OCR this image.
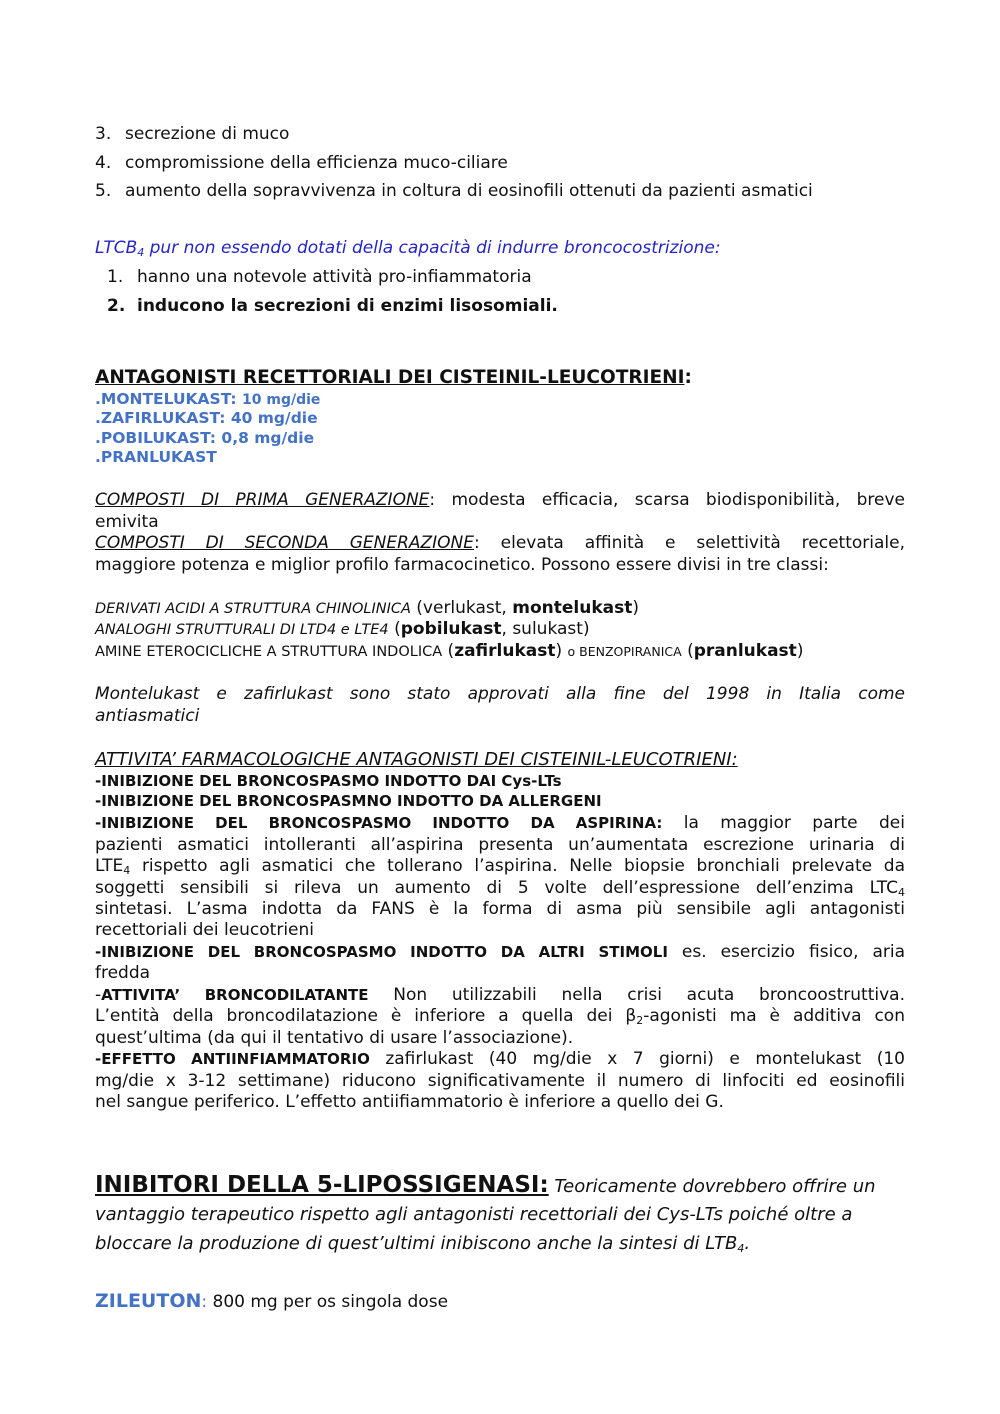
3. secrezione di muco
4. compromissione della efficienza muco-ciliare
5. aumento della sopravvivenza in coltura di eosinofili ottenuti da pazienti asmatici
$LTCB_4$ pur non essendo dotati della capacità di indurre broncocostrizione:
1. hanno una notevole attività pro-infiammatoria
2. inducono la secrezioni di enzimi lisosomiali.
ANTAGONISTI RECETTORIALI DEI CISTEINIL-LEUCOTRIENI:
.MONTELUKAST: 10 mg/die
.ZAFIRLUKAST: 40 mg/die
.POBILUKAST: 0,8 mg/die
.PRANLUKAST
COMPOSTI DI PRIMA GENERAZIONE: modesta efficacia, scarsa biodisponibilità, breve
emivita
COMPOSTI DI SECONDA GENERAZIONE: elevata affinità e selettività recettoriale,
maggiore potenza e miglior profilo farmacocinetico. Possono essere divisi in tre classi:
DERIVATI ACIDI A STRUTTURA CHINOLINICA (verlukast, montelukast)
ANALOGHI STRUTTURALI DI LTD4 e LTE4 (pobilukast, sulukast)
AMINE ETEROCICLICHE A STRUTTURA INDOLICA (zafirlukast) o BENZOPIRANICA (pranlukast)
Montelukast e zafirlukast sono stato approvati alla fine del 1998 in Italia come
antiasmatici
ATTIVITA’ FARMACOLOGICHE ANTAGONISTI DEI CISTEINIL-LEUCOTRIENI:
-INIBIZIONE DEL BRONCOSPASMO INDOTTO DAI Cys-LTs
-INIBIZIONE DEL BRONCOSPASMNO INDOTTO DA ALLERGENI
-INIBIZIONE DEL BRONCOSPASMO INDOTTO DA ASPIRINA: la maggior parte dei
pazienti asmatici intolleranti all’aspirina presenta un’aumentata escrezione urinaria di
$LTE_4$ rispetto agli asmatici che tollerano l’aspirina. Nelle biopsie bronchiali prelevate da
soggetti sensibili si rileva un aumento di 5 volte dell’espressione dell’enzima $LTC_4$
sintetasi. L’asma indotta da FANS è la forma di asma più sensibile agli antagonisti
recettoriali dei leucotrieni
-INIBIZIONE DEL BRONCOSPASMO INDOTTO DA ALTRI STIMOLI es. esercizio fisico, aria
fredda
-ATTIVITA’ BRONCODILATANTE Non utilizzabili nella crisi acuta broncoostruttiva.
L’entità della broncodilatazione è inferiore a quella dei $\beta_2$-agonisti ma è additiva con
quest’ultima (da qui il tentativo di usare l’associazione).
-EFFETTO ANTIINFIAMMATORIO zafirlukast (40 mg/die x 7 giorni) e montelukast (10
mg/die x 3-12 settimane) riducono significativamente il numero di linfociti ed eosinofili
nel sangue periferico. L’effetto antiifiammatorio è inferiore a quello dei G.
INIBITORI DELLA 5-LIPOSSIGENASI: Teoricamente dovrebbero offrire un
vantaggio terapeutico rispetto agli antagonisti recettoriali dei Cys-LTs poiché oltre a
bloccare la produzione di quest’ultimi inibiscono anche la sintesi di $LTB_4$.
ZILEUTON: 800 mg per os singola dose
